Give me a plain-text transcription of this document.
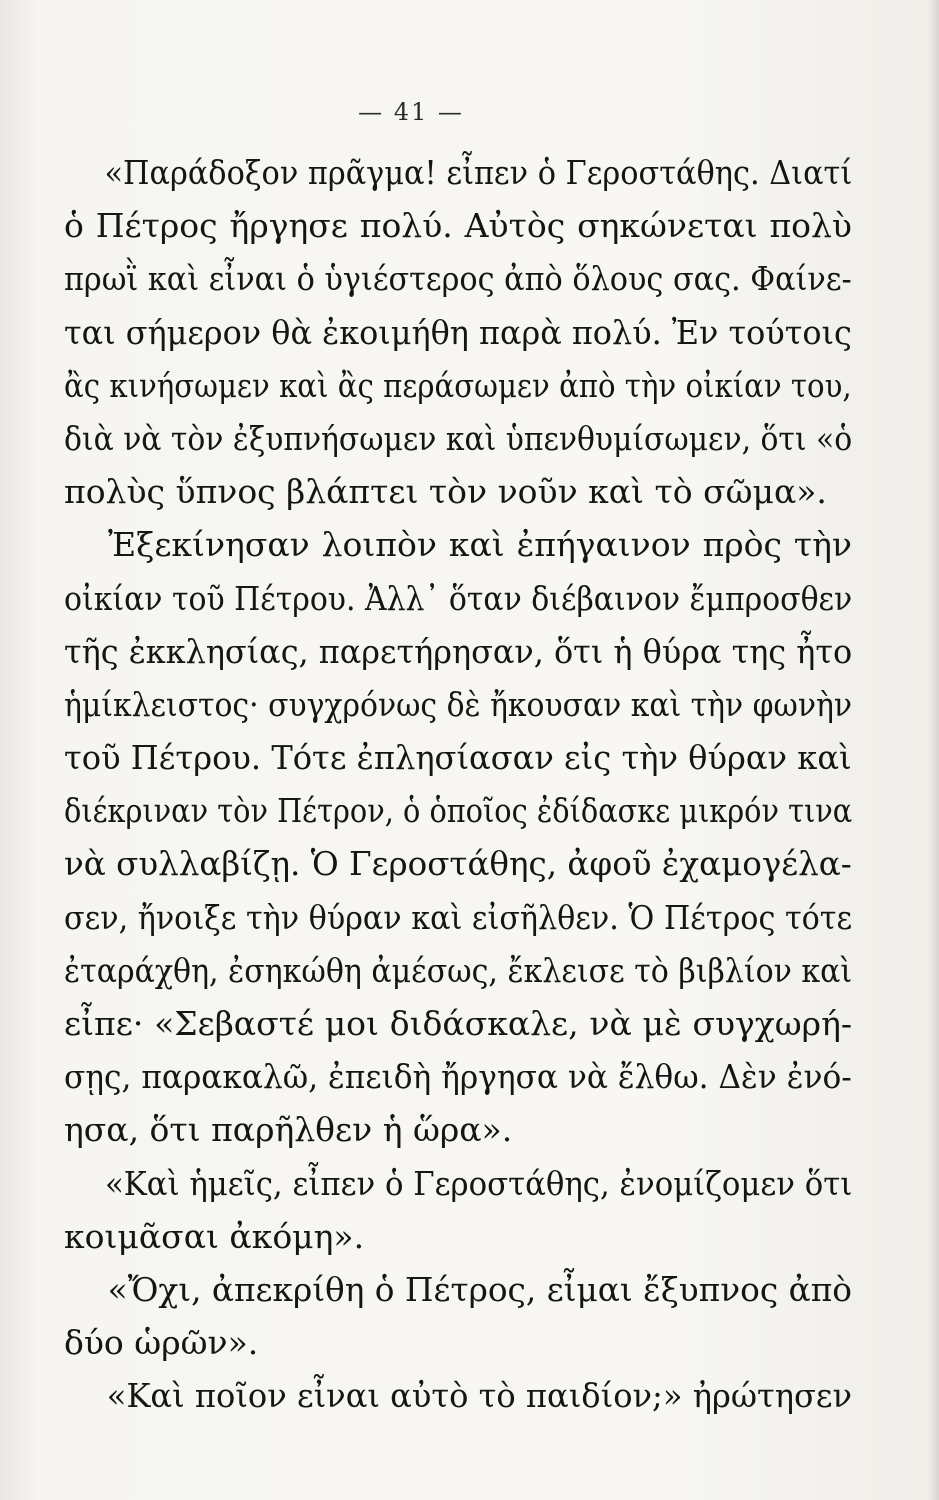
— 41 —
«Παράδοξον πρᾶγμα! εἶπεν ὁ Γεροστάθης. Διατί
ὁ Πέτρος ἤργησε πολύ. Αὐτὸς σηκώνεται πολὺ
πρωῒ καὶ εἶναι ὁ ὑγιέστερος ἀπὸ ὅλους σας. Φαίνε-
ται σήμερον θὰ ἐκοιμήθη παρὰ πολύ. Ἐν τούτοις
ἂς κινήσωμεν καὶ ἂς περάσωμεν ἀπὸ τὴν οἰκίαν του,
διὰ νὰ τὸν ἐξυπνήσωμεν καὶ ὑπενθυμίσωμεν, ὅτι «ὁ
πολὺς ὕπνος βλάπτει τὸν νοῦν καὶ τὸ σῶμα».
Ἐξεκίνησαν λοιπὸν καὶ ἐπήγαινον πρὸς τὴν
οἰκίαν τοῦ Πέτρου. Ἀλλ᾿ ὅταν διέβαινον ἔμπροσθεν
τῆς ἐκκλησίας, παρετήρησαν, ὅτι ἡ θύρα της ἦτο
ἡμίκλειστος· συγχρόνως δὲ ἤκουσαν καὶ τὴν φωνὴν
τοῦ Πέτρου. Τότε ἐπλησίασαν εἰς τὴν θύραν καὶ
διέκριναν τὸν Πέτρον, ὁ ὁποῖος ἐδίδασκε μικρόν τινα
νὰ συλλαβίζῃ. Ὁ Γεροστάθης, ἀφοῦ ἐχαμογέλα-
σεν, ἤνοιξε τὴν θύραν καὶ εἰσῆλθεν. Ὁ Πέτρος τότε
ἐταράχθη, ἐσηκώθη ἀμέσως, ἔκλεισε τὸ βιβλίον καὶ
εἶπε· «Σεβαστέ μοι διδάσκαλε, νὰ μὲ συγχωρή-
σῃς, παρακαλῶ, ἐπειδὴ ἤργησα νὰ ἔλθω. Δὲν ἐνό-
ησα, ὅτι παρῆλθεν ἡ ὥρα».
«Καὶ ἡμεῖς, εἶπεν ὁ Γεροστάθης, ἐνομίζομεν ὅτι
κοιμᾶσαι ἀκόμη».
«Ὄχι, ἀπεκρίθη ὁ Πέτρος, εἶμαι ἔξυπνος ἀπὸ
δύο ὡρῶν».
«Καὶ ποῖον εἶναι αὐτὸ τὸ παιδίον;» ἠρώτησεν
